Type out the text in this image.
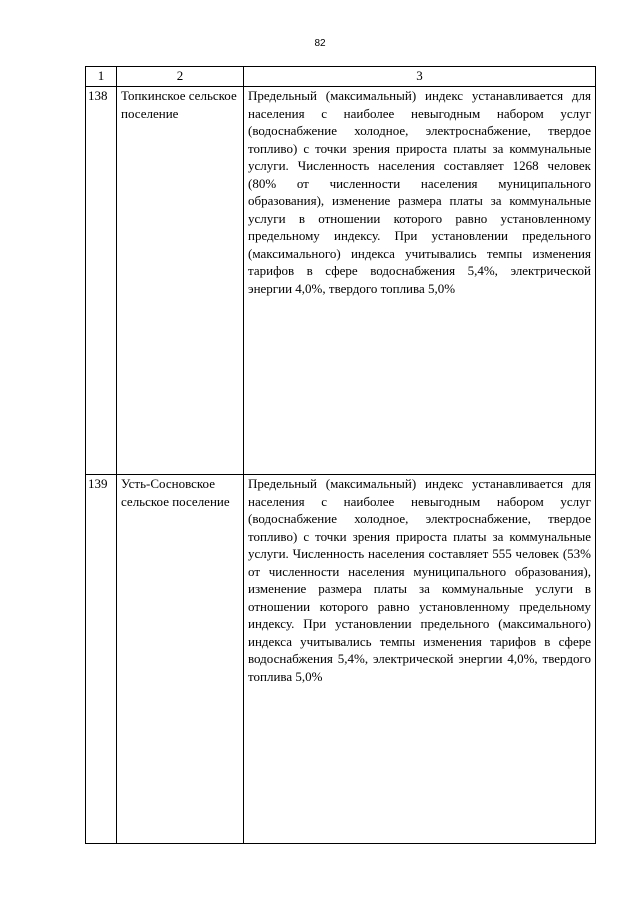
82
1	2	3
138	Топкинское сельское поселение	Предельный (максимальный) индекс устанавливается для населения с наиболее невыгодным набором услуг (водоснабжение холодное, электроснабжение, твердое топливо) с точки зрения прироста платы за коммунальные услуги. Численность населения составляет 1268 человек (80% от численности населения муниципального образования), изменение размера платы за коммунальные услуги в отношении которого равно установленному предельному индексу. При установлении предельного (максимального) индекса учитывались темпы изменения тарифов в сфере водоснабжения 5,4%, электрической энергии 4,0%, твердого топлива 5,0%
139	Усть-Сосновское сельское поселение	Предельный (максимальный) индекс устанавливается для населения с наиболее невыгодным набором услуг (водоснабжение холодное, электроснабжение, твердое топливо) с точки зрения прироста платы за коммунальные услуги. Численность населения составляет 555 человек (53% от численности населения муниципального образования), изменение размера платы за коммунальные услуги в отношении которого равно установленному предельному индексу. При установлении предельного (максимального) индекса учитывались темпы изменения тарифов в сфере водоснабжения 5,4%, электрической энергии 4,0%, твердого топлива 5,0%
